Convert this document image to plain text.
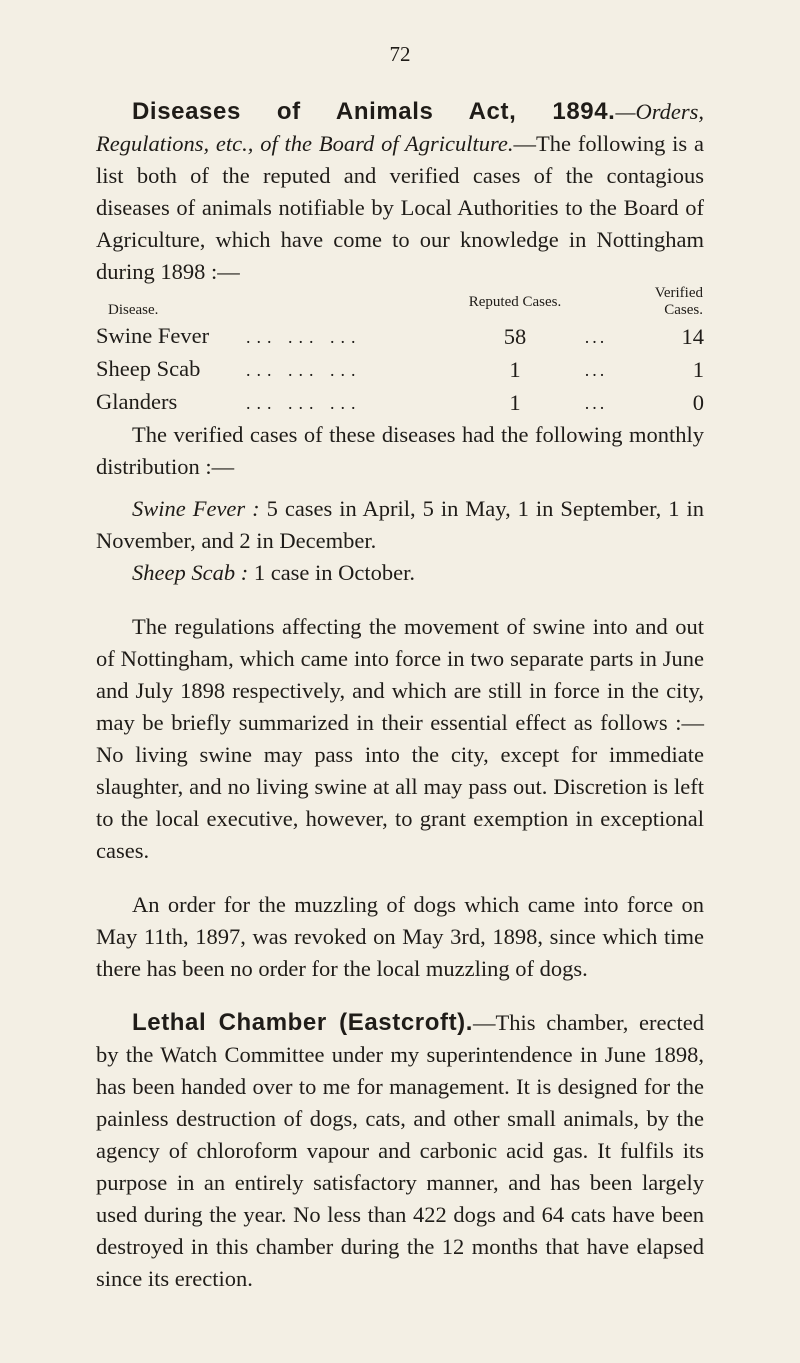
72

Diseases of Animals Act, 1894.—Orders, Regulations, etc., of the Board of Agriculture.—The following is a list both of the reputed and verified cases of the contagious diseases of animals notifiable by Local Authorities to the Board of Agriculture, which have come to our knowledge in Nottingham during 1898 :—

Disease.	Reputed Cases.		Verified Cases.
Swine Fever ... ... ...	58	...	14
Sheep Scab ... ... ...	1	...	1
Glanders ... ... ...	1	...	0

The verified cases of these diseases had the following monthly distribution :—

Swine Fever : 5 cases in April, 5 in May, 1 in September, 1 in November, and 2 in December.

Sheep Scab : 1 case in October.

The regulations affecting the movement of swine into and out of Nottingham, which came into force in two separate parts in June and July 1898 respectively, and which are still in force in the city, may be briefly summarized in their essential effect as follows :—No living swine may pass into the city, except for immediate slaughter, and no living swine at all may pass out. Discretion is left to the local executive, however, to grant exemption in exceptional cases.

An order for the muzzling of dogs which came into force on May 11th, 1897, was revoked on May 3rd, 1898, since which time there has been no order for the local muzzling of dogs.

Lethal Chamber (Eastcroft).—This chamber, erected by the Watch Committee under my superintendence in June 1898, has been handed over to me for management. It is designed for the painless destruction of dogs, cats, and other small animals, by the agency of chloroform vapour and carbonic acid gas. It fulfils its purpose in an entirely satisfactory manner, and has been largely used during the year. No less than 422 dogs and 64 cats have been destroyed in this chamber during the 12 months that have elapsed since its erection.
